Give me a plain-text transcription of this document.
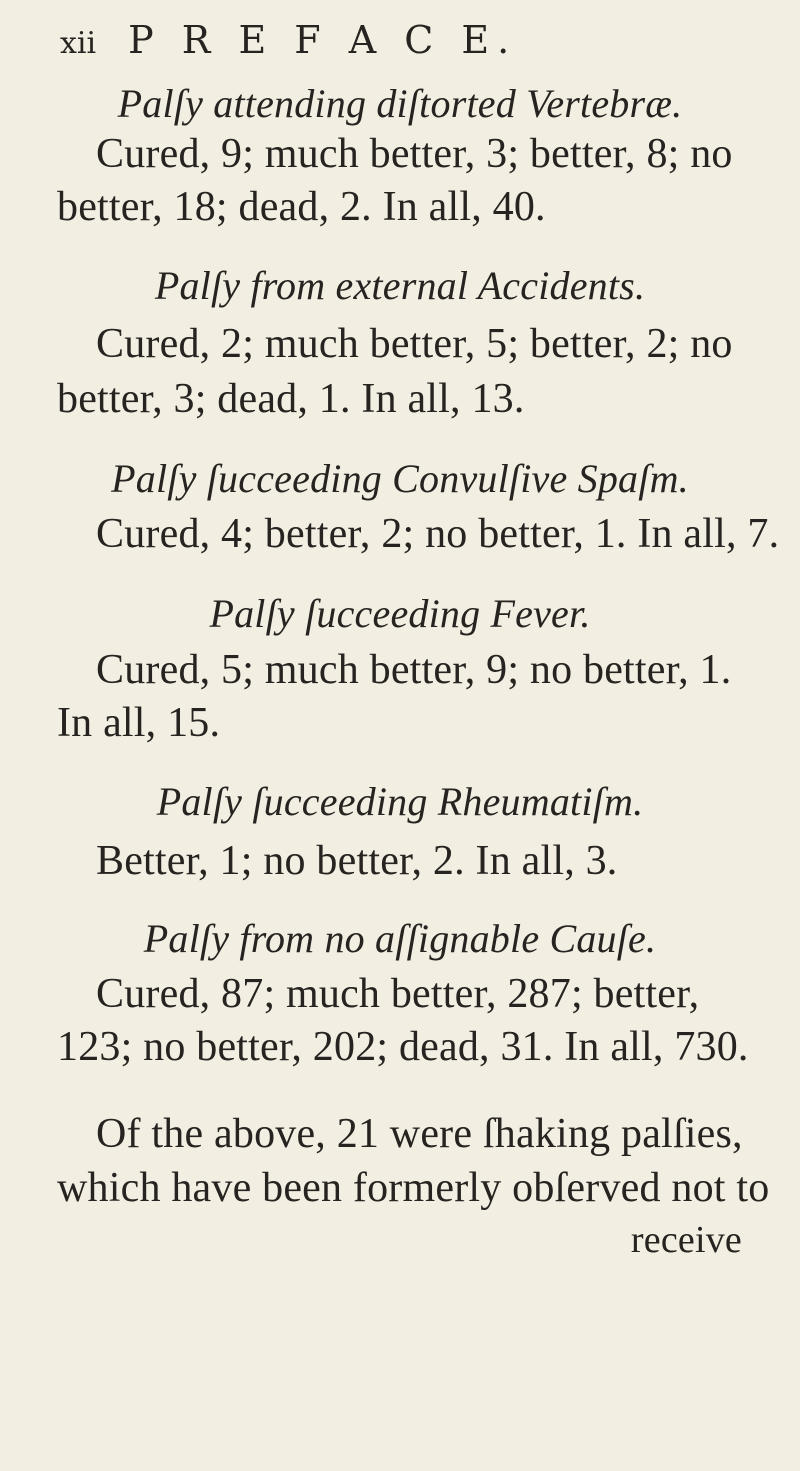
xii P R E F A C E.
Palſy attending diſtorted Vertebræ.
Cured, 9; much better, 3; better, 8; no
better, 18; dead, 2. In all, 40.
Palſy from external Accidents.
Cured, 2; much better, 5; better, 2; no
better, 3; dead, 1. In all, 13.
Palſy ſucceeding Convulſive Spaſm.
Cured, 4; better, 2; no better, 1. In all, 7.
Palſy ſucceeding Fever.
Cured, 5; much better, 9; no better, 1.
In all, 15.
Palſy ſucceeding Rheumatiſm.
Better, 1; no better, 2. In all, 3.
Palſy from no aſſignable Cauſe.
Cured, 87; much better, 287; better,
123; no better, 202; dead, 31. In all, 730.
Of the above, 21 were ſhaking palſies,
which have been formerly obſerved not to
receive
